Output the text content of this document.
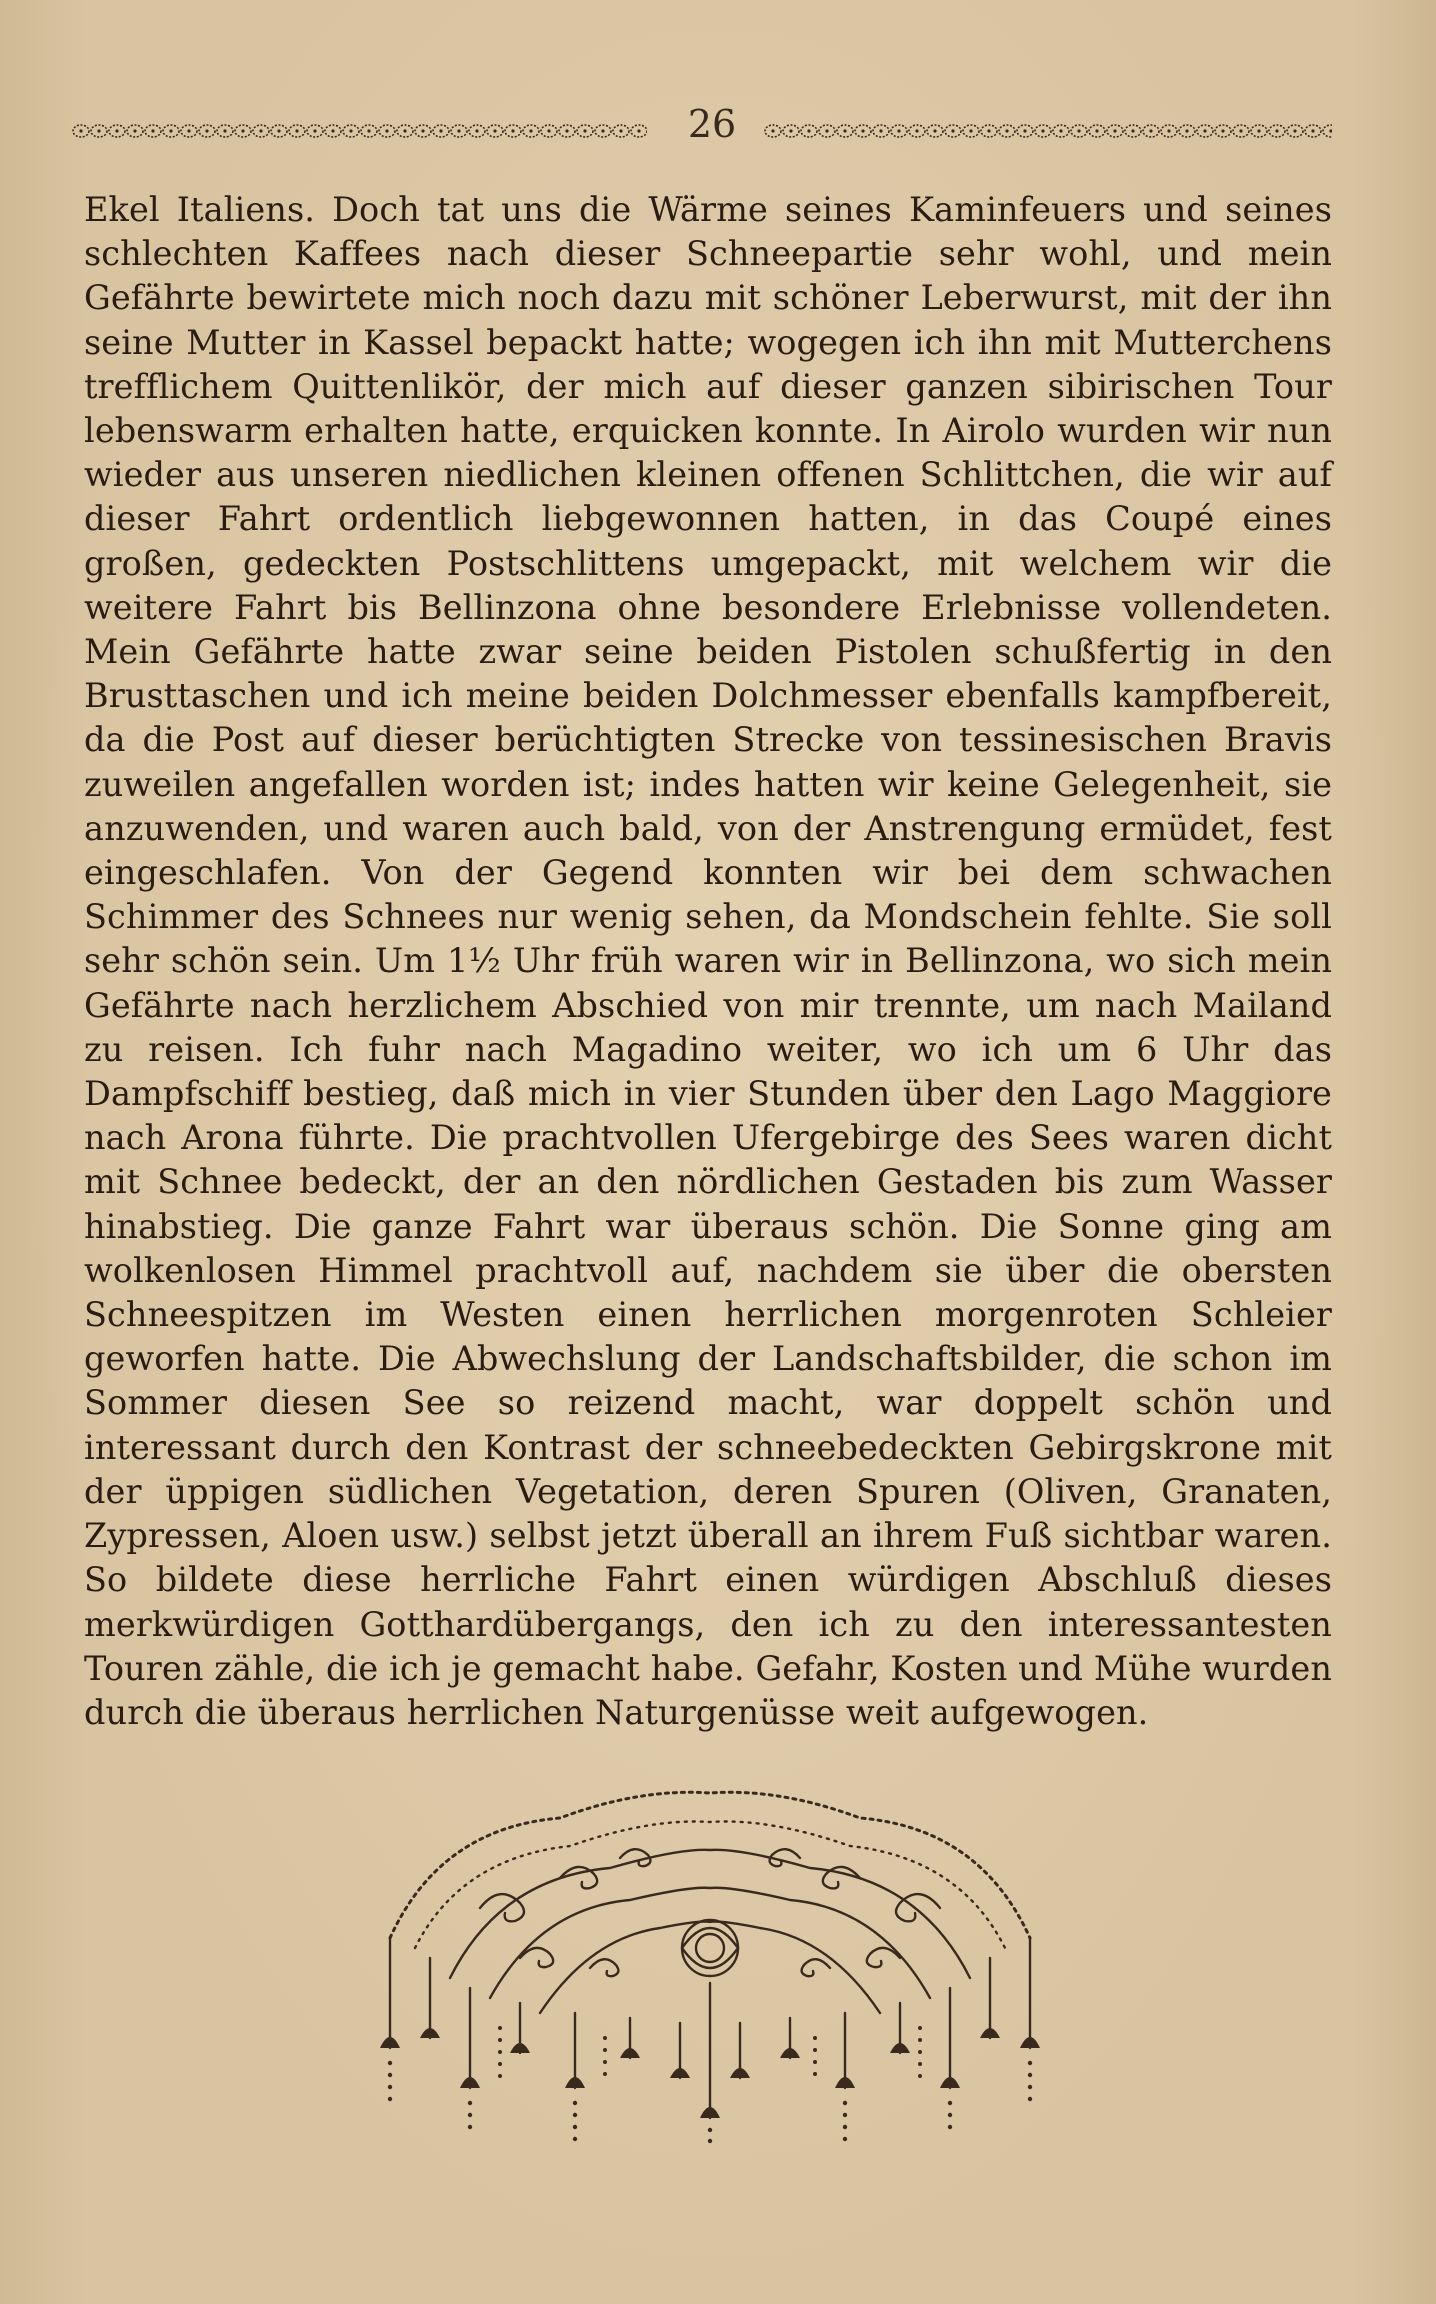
26

Ekel Italiens. Doch tat uns die Wärme seines Kaminfeuers und seines schlechten Kaffees nach dieser Schneepartie sehr wohl, und mein Gefährte bewirtete mich noch dazu mit schöner Leberwurst, mit der ihn seine Mutter in Kassel bepackt hatte; wogegen ich ihn mit Mutterchens trefflichem Quittenlikör, der mich auf dieser ganzen sibirischen Tour lebenswarm erhalten hatte, erquicken konnte. In Airolo wurden wir nun wieder aus unseren niedlichen kleinen offenen Schlittchen, die wir auf dieser Fahrt ordentlich liebgewonnen hatten, in das Coupé eines großen, gedeckten Postschlittens umgepackt, mit welchem wir die weitere Fahrt bis Bellinzona ohne besondere Erlebnisse vollendeten. Mein Gefährte hatte zwar seine beiden Pistolen schußfertig in den Brusttaschen und ich meine beiden Dolchmesser ebenfalls kampfbereit, da die Post auf dieser berüchtigten Strecke von tessinesischen Bravis zuweilen angefallen worden ist; indes hatten wir keine Gelegenheit, sie anzuwenden, und waren auch bald, von der Anstrengung ermüdet, fest eingeschlafen. Von der Gegend konnten wir bei dem schwachen Schimmer des Schnees nur wenig sehen, da Mondschein fehlte. Sie soll sehr schön sein. Um 1½ Uhr früh waren wir in Bellinzona, wo sich mein Gefährte nach herzlichem Abschied von mir trennte, um nach Mailand zu reisen. Ich fuhr nach Magadino weiter, wo ich um 6 Uhr das Dampfschiff bestieg, daß mich in vier Stunden über den Lago Maggiore nach Arona führte. Die prachtvollen Ufergebirge des Sees waren dicht mit Schnee bedeckt, der an den nördlichen Gestaden bis zum Wasser hinabstieg. Die ganze Fahrt war überaus schön. Die Sonne ging am wolkenlosen Himmel prachtvoll auf, nachdem sie über die obersten Schneespitzen im Westen einen herrlichen morgenroten Schleier geworfen hatte. Die Abwechslung der Landschaftsbilder, die schon im Sommer diesen See so reizend macht, war doppelt schön und interessant durch den Kontrast der schneebedeckten Gebirgskrone mit der üppigen südlichen Vegetation, deren Spuren (Oliven, Granaten, Zypressen, Aloen usw.) selbst jetzt überall an ihrem Fuß sichtbar waren. So bildete diese herrliche Fahrt einen würdigen Abschluß dieses merkwürdigen Gotthardübergangs, den ich zu den interessantesten Touren zähle, die ich je gemacht habe. Gefahr, Kosten und Mühe wurden durch die überaus herrlichen Naturgenüsse weit aufgewogen.
